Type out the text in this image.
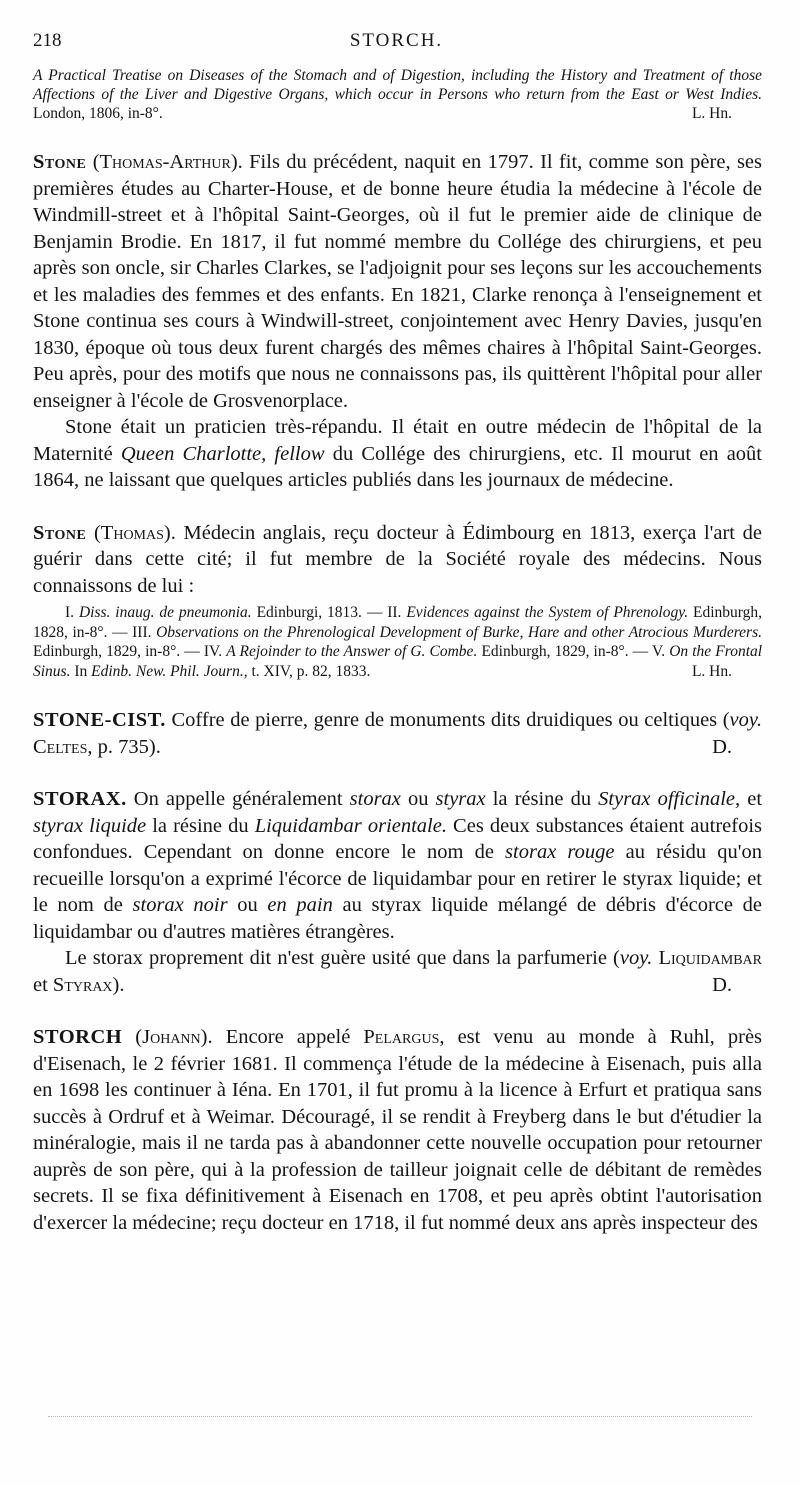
218	STORCH.

A Practical Treatise on Diseases of the Stomach and of Digestion, including the History and Treatment of those Affections of the Liver and Digestive Organs, which occur in Persons who return from the East or West Indies. London, 1806, in-8°.	L. Hn.

Stone (Thomas-Arthur). Fils du précédent, naquit en 1797. Il fit, comme son père, ses premières études au Charter-House, et de bonne heure étudia la médecine à l'école de Windmill-street et à l'hôpital Saint-Georges, où il fut le premier aide de clinique de Benjamin Brodie. En 1817, il fut nommé membre du Collége des chirurgiens, et peu après son oncle, sir Charles Clarkes, se l'adjoignit pour ses leçons sur les accouchements et les maladies des femmes et des enfants. En 1821, Clarke renonça à l'enseignement et Stone continua ses cours à Windwill-street, conjointement avec Henry Davies, jusqu'en 1830, époque où tous deux furent chargés des mêmes chaires à l'hôpital Saint-Georges. Peu après, pour des motifs que nous ne connaissons pas, ils quittèrent l'hôpital pour aller enseigner à l'école de Grosvenorplace.

Stone était un praticien très-répandu. Il était en outre médecin de l'hôpital de la Maternité Queen Charlotte, fellow du Collége des chirurgiens, etc. Il mourut en août 1864, ne laissant que quelques articles publiés dans les journaux de médecine.

Stone (Thomas). Médecin anglais, reçu docteur à Édimbourg en 1813, exerça l'art de guérir dans cette cité; il fut membre de la Société royale des médecins. Nous connaissons de lui :

I. Diss. inaug. de pneumonia. Edinburgi, 1813. — II. Evidences against the System of Phrenology. Edinburgh, 1828, in-8°. — III. Observations on the Phrenological Development of Burke, Hare and other Atrocious Murderers. Edinburgh, 1829, in-8°. — IV. A Rejoinder to the Answer of G. Combe. Edinburgh, 1829, in-8°. — V. On the Frontal Sinus. In Edinb. New. Phil. Journ., t. XIV, p. 82, 1833.	L. Hn.

STONE-CIST. Coffre de pierre, genre de monuments dits druidiques ou celtiques (voy. Celtes, p. 735).	D.

STORAX. On appelle généralement storax ou styrax la résine du Styrax officinale, et styrax liquide la résine du Liquidambar orientale. Ces deux substances étaient autrefois confondues. Cependant on donne encore le nom de storax rouge au résidu qu'on recueille lorsqu'on a exprimé l'écorce de liquidambar pour en retirer le styrax liquide; et le nom de storax noir ou en pain au styrax liquide mélangé de débris d'écorce de liquidambar ou d'autres matières étrangères.

Le storax proprement dit n'est guère usité que dans la parfumerie (voy. Liquidambar et Styrax).	D.

STORCH (Johann). Encore appelé Pelargus, est venu au monde à Ruhl, près d'Eisenach, le 2 février 1681. Il commença l'étude de la médecine à Eisenach, puis alla en 1698 les continuer à Iéna. En 1701, il fut promu à la licence à Erfurt et pratiqua sans succès à Ordruf et à Weimar. Découragé, il se rendit à Freyberg dans le but d'étudier la minéralogie, mais il ne tarda pas à abandonner cette nouvelle occupation pour retourner auprès de son père, qui à la profession de tailleur joignait celle de débitant de remèdes secrets. Il se fixa définitivement à Eisenach en 1708, et peu après obtint l'autorisation d'exercer la médecine; reçu docteur en 1718, il fut nommé deux ans après inspecteur des
